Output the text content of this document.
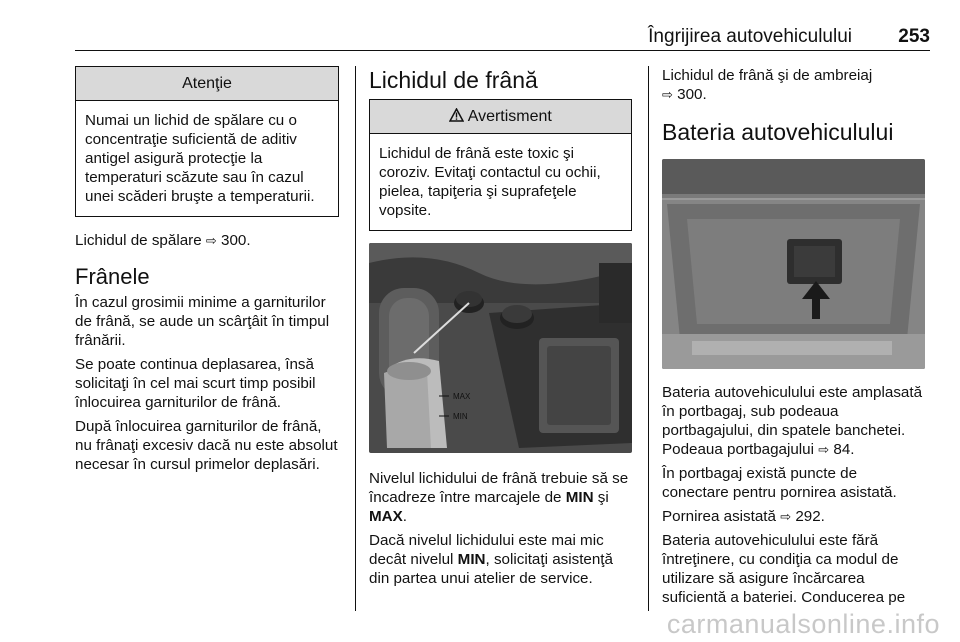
Îngrijirea autovehiculului 253
Atenţie

Numai un lichid de spălare cu o concentraţie suficientă de aditiv antigel asigură protecţie la temperaturi scăzute sau în cazul unei scăderi bruşte a temperaturii.

Lichidul de spălare ⇨ 300.

Frânele

În cazul grosimii minime a garniturilor de frână, se aude un scârţâit în timpul frânării.

Se poate continua deplasarea, însă solicitaţi în cel mai scurt timp posibil înlocuirea garniturilor de frână.

După înlocuirea garniturilor de frână, nu frânaţi excesiv dacă nu este absolut necesar în cursul primelor deplasări.

Lichidul de frână
Avertisment

Lichidul de frână este toxic şi coroziv. Evitaţi contactul cu ochii, pielea, tapiţeria şi suprafeţele vopsite.

MAX
MIN

Nivelul lichidului de frână trebuie să se încadreze între marcajele de MIN şi MAX.

Dacă nivelul lichidului este mai mic decât nivelul MIN, solicitaţi asistenţă din partea unui atelier de service.

Lichidul de frână şi de ambreiaj
⇨ 300.

Bateria autovehiculului

Bateria autovehiculului este amplasată în portbagaj, sub podeaua portbagajului, din spatele banchetei. Podeaua portbagajului ⇨ 84.

În portbagaj există puncte de conectare pentru pornirea asistată.

Pornirea asistată ⇨ 292.

Bateria autovehiculului este fără întreţinere, cu condiţia ca modul de utilizare să asigure încărcarea suficientă a bateriei. Conducerea pe

carmanualsonline.info
